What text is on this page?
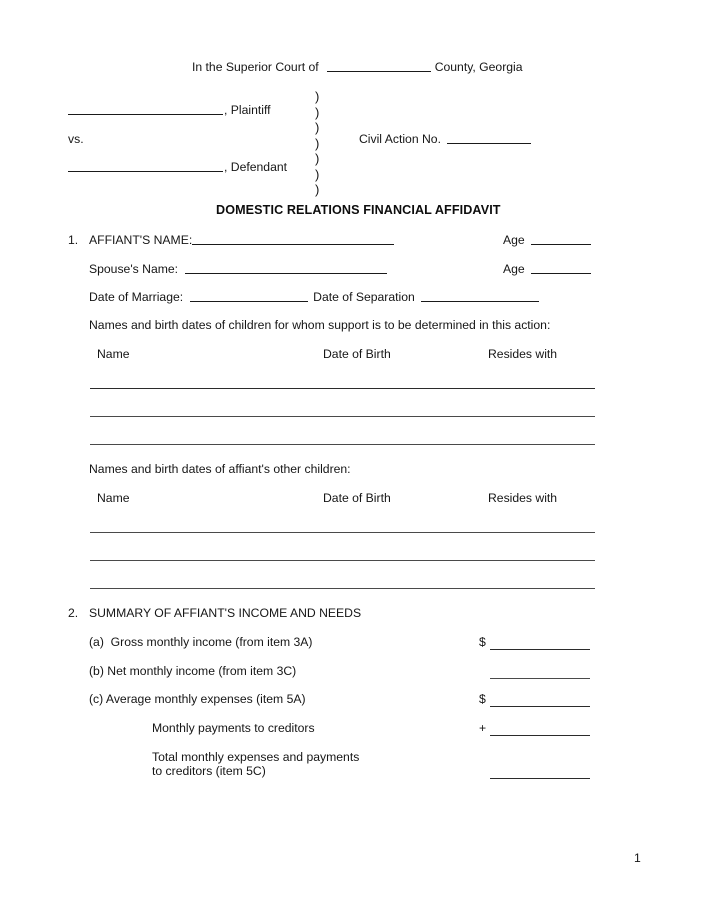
In the Superior Court of	County, Georgia
, Plaintiff
vs.
, Defendant
)
)
)
)
)
)
)
Civil Action No.
DOMESTIC RELATIONS FINANCIAL AFFIDAVIT
1. AFFIANT'S NAME:	Age
Spouse's Name:	Age
Date of Marriage:	Date of Separation
Names and birth dates of children for whom support is to be determined in this action:
Name	Date of Birth	Resides with
Names and birth dates of affiant's other children:
Name	Date of Birth	Resides with
2. SUMMARY OF AFFIANT'S INCOME AND NEEDS
(a)  Gross monthly income (from item 3A)	$
(b) Net monthly income (from item 3C)
(c) Average monthly expenses (item 5A)	$
Monthly payments to creditors	+
Total monthly expenses and payments
to creditors (item 5C)
1
